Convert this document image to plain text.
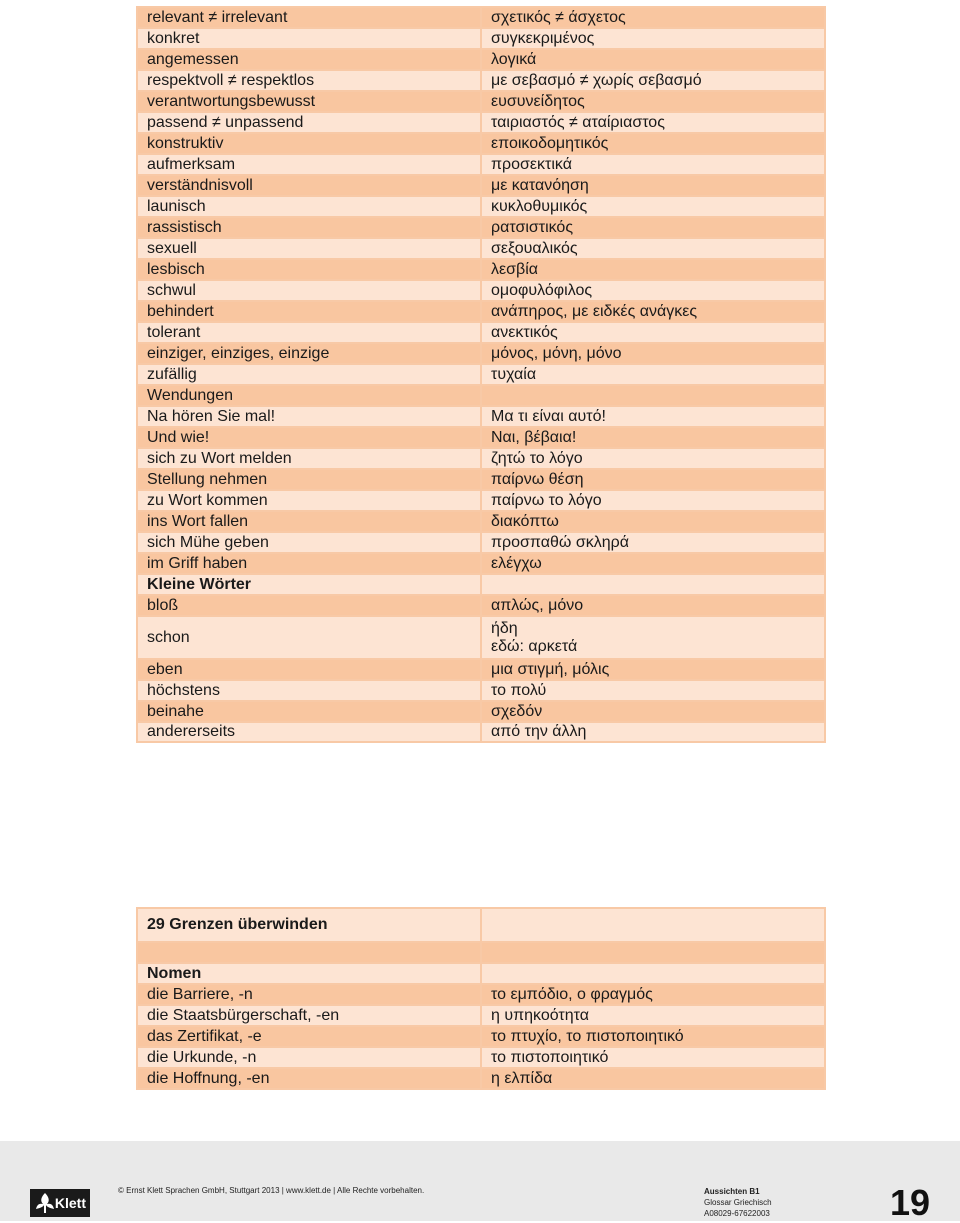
relevant ≠ irrelevant	σχετικός ≠ άσχετος
konkret	συγκεκριμένος
angemessen	λογικά
respektvoll ≠ respektlos	με σεβασμό ≠ χωρίς σεβασμό
verantwortungsbewusst	ευσυνείδητος
passend ≠ unpassend	ταιριαστός ≠ αταίριαστος
konstruktiv	εποικοδομητικός
aufmerksam	προσεκτικά
verständnisvoll	με κατανόηση
launisch	κυκλοθυμικός
rassistisch	ρατσιστικός
sexuell	σεξουαλικός
lesbisch	λεσβία
schwul	ομοφυλόφιλος
behindert	ανάπηρος, με ειδκές ανάγκες
tolerant	ανεκτικός
einziger, einziges, einzige	μόνος, μόνη, μόνο
zufällig	τυχαία
Wendungen	
Na hören Sie mal!	Μα τι είναι αυτό!
Und wie!	Ναι, βέβαια!
sich zu Wort melden	ζητώ το λόγο
Stellung nehmen	παίρνω θέση
zu Wort kommen	παίρνω το λόγο
ins Wort fallen	διακόπτω
sich Mühe geben	προσπαθώ σκληρά
im Griff haben	ελέγχω
Kleine Wörter	
bloß	απλώς, μόνο
schon	ήδη
εδώ: αρκετά

eben	μια στιγμή, μόλις
höchstens	το πολύ
beinahe	σχεδόν
andererseits	από την άλλη
29 Grenzen überwinden	

Nomen	
die Barriere, -n	το εμπόδιο, ο φραγμός
die Staatsbürgerschaft, -en	η υπηκοότητα
das Zertifikat, -e	το πτυχίο, το πιστοποιητικό
die Urkunde, -n	το πιστοποιητικό
die Hoffnung, -en	η ελπίδα
Klett
© Ernst Klett Sprachen GmbH, Stuttgart 2013 | www.klett.de | Alle Rechte vorbehalten.	Aussichten B1
Glossar Griechisch
A08029-67622003	19
